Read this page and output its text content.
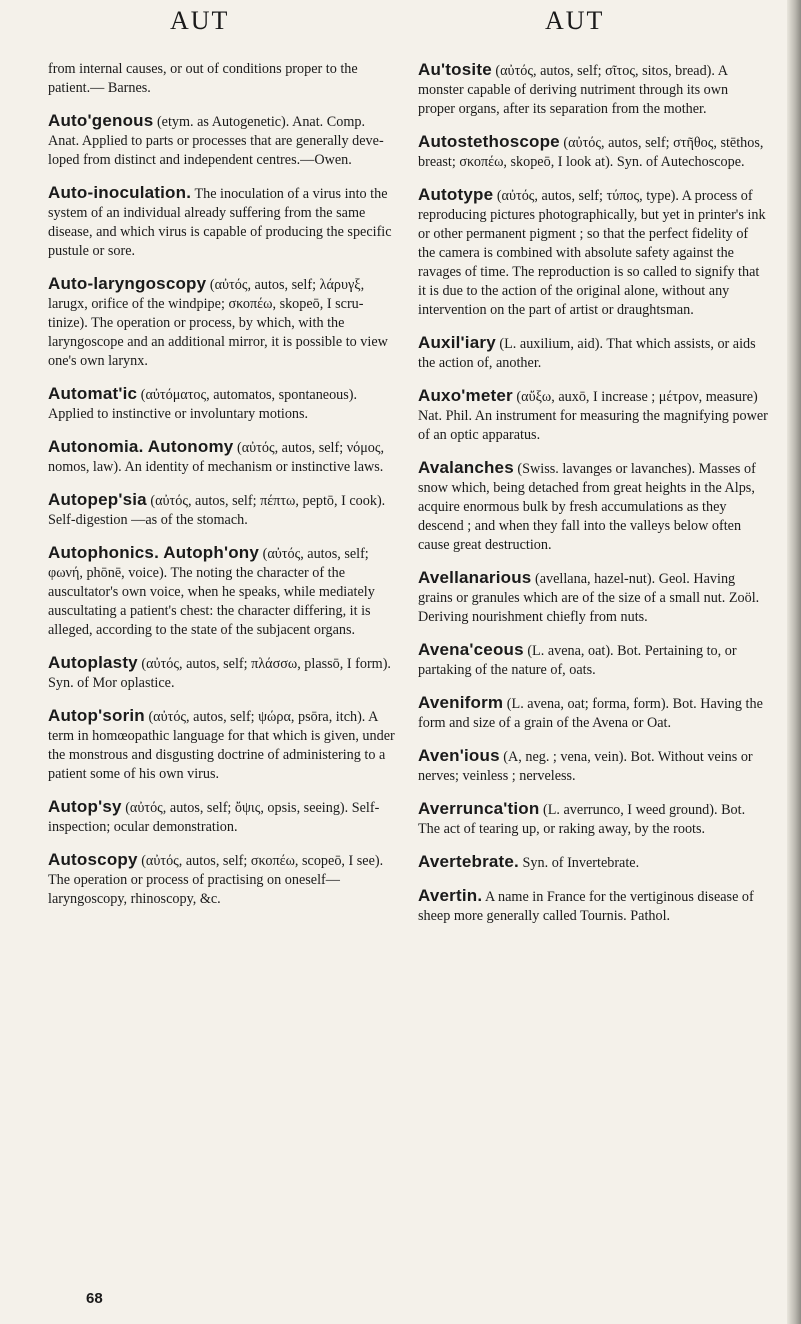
AUT	AUT

from internal causes, or out of conditions proper to the patient.— Barnes.

Auto'genous (etym. as Autogenetic). Anat. Comp. Anat. Applied to parts or processes that are generally developed from distinct and independent centres.—Owen.

Auto-inoculation. The inoculation of a virus into the system of an individual already suffering from the same disease, and which virus is capable of producing the specific pustule or sore.

Auto-laryngoscopy (αὐτός, autos, self; λάρυγξ, larugx, orifice of the windpipe; σκοπέω, skopeō, I scrutinize). The operation or process, by which, with the laryngoscope and an additional mirror, it is possible to view one's own larynx.

Automat'ic (αὐτόματος, automatos, spontaneous). Applied to instinctive or involuntary motions.

Autonomia. Autonomy (αὐτός, autos, self; νόμος, nomos, law). An identity of mechanism or instinctive laws.

Autopep'sia (αὐτός, autos, self; πέπτω, peptō, I cook). Self-digestion —as of the stomach.

Autophonics. Autoph'ony (αὐτός, autos, self; φωνή, phōnē, voice). The noting the character of the auscultator's own voice, when he speaks, while mediately auscultating a patient's chest: the character differing, it is alleged, according to the state of the subjacent organs.

Autoplasty (αὐτός, autos, self; πλάσσω, plassō, I form). Syn. of Mor oplastice.

Autop'sorin (αὐτός, autos, self; ψώρα, psōra, itch). A term in homœopathic language for that which is given, under the monstrous and disgusting doctrine of administering to a patient some of his own virus.

Autop'sy (αὐτός, autos, self; ὄψις, opsis, seeing). Self-inspection; ocular demonstration.

Autoscopy (αὐτός, autos, self; σκοπέω, scopeō, I see). The operation or process of practising on oneself—laryngoscopy, rhinoscopy, &c.

Au'tosite (αὐτός, autos, self; σῖτος, sitos, bread). A monster capable of deriving nutriment through its own proper organs, after its separation from the mother.

Autostethoscope (αὐτός, autos, self; στῆθος, stēthos, breast; σκοπέω, skopeō, I look at). Syn. of Autechoscope.

Autotype (αὐτός, autos, self; τύπος, type). A process of reproducing pictures photographically, but yet in printer's ink or other permanent pigment ; so that the perfect fidelity of the camera is combined with absolute safety against the ravages of time. The reproduction is so called to signify that it is due to the action of the original alone, without any intervention on the part of artist or draughtsman.

Auxil'iary (L. auxilium, aid). That which assists, or aids the action of, another.

Auxo'meter (αὔξω, auxō, I increase ; μέτρον, measure) Nat. Phil. An instrument for measuring the magnifying power of an optic apparatus.

Avalanches (Swiss. lavanges or lavanches). Masses of snow which, being detached from great heights in the Alps, acquire enormous bulk by fresh accumulations as they descend ; and when they fall into the valleys below often cause great destruction.

Avellanarious (avellana, hazel-nut). Geol. Having grains or granules which are of the size of a small nut. Zoöl. Deriving nourishment chiefly from nuts.

Avena'ceous (L. avena, oat). Bot. Pertaining to, or partaking of the nature of, oats.

Aveniform (L. avena, oat; forma, form). Bot. Having the form and size of a grain of the Avena or Oat.

Aven'ious (A, neg. ; vena, vein). Bot. Without veins or nerves; veinless ; nerveless.

Averrunca'tion (L. averrunco, I weed ground). Bot. The act of tearing up, or raking away, by the roots.

Avertebrate. Syn. of Invertebrate.

Avertin. A name in France for the vertiginous disease of sheep more generally called Tournis. Pathol.

68
